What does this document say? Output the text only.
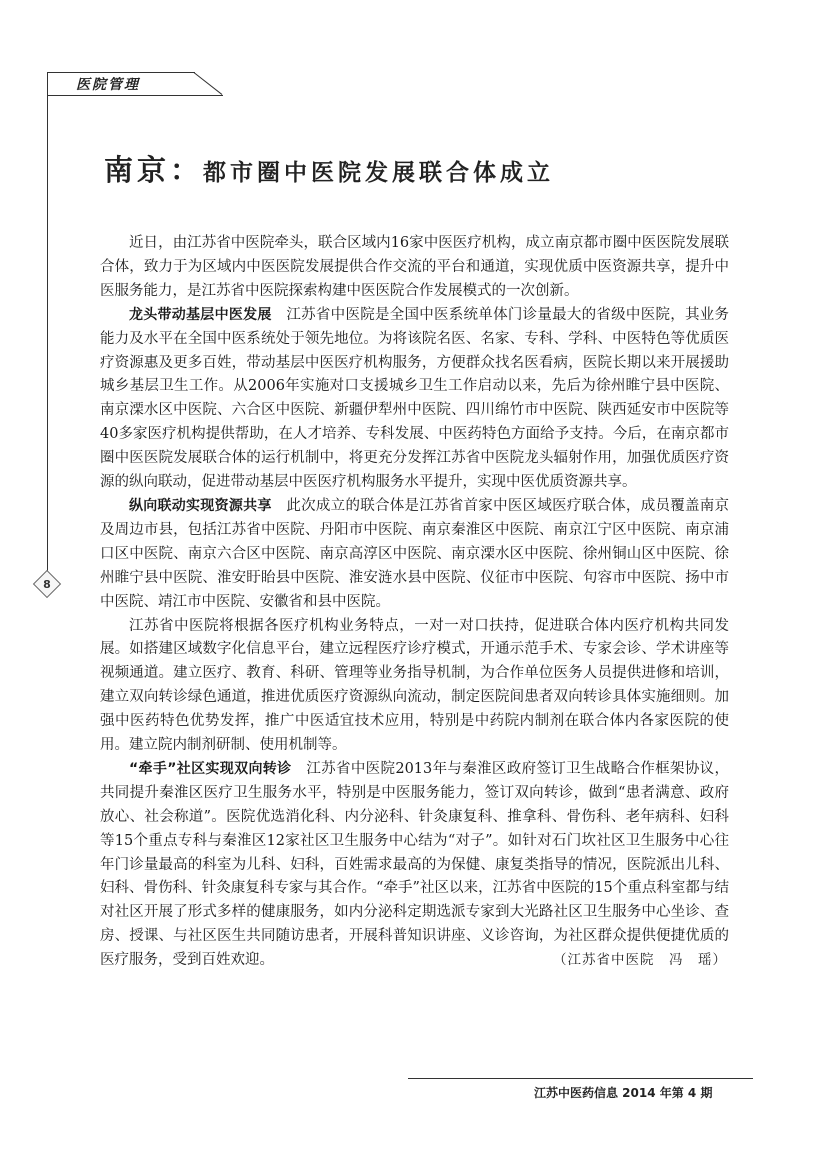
医院管理
南京：都市圈中医院发展联合体成立
8

近日，由江苏省中医院牵头，联合区域内16家中医医疗机构，成立南京都市圈中医医院发展联合体，致力于为区域内中医医院发展提供合作交流的平台和通道，实现优质中医资源共享，提升中医服务能力，是江苏省中医院探索构建中医医院合作发展模式的一次创新。

龙头带动基层中医发展　 江苏省中医院是全国中医系统单体门诊量最大的省级中医院，其业务能力及水平在全国中医系统处于领先地位。为将该院名医、名家、专科、学科、中医特色等优质医疗资源惠及更多百姓，带动基层中医医疗机构服务，方便群众找名医看病，医院长期以来开展援助城乡基层卫生工作。从2006年实施对口支援城乡卫生工作启动以来，先后为徐州睢宁县中医院、南京溧水区中医院、六合区中医院、新疆伊犁州中医院、四川绵竹市中医院、陕西延安市中医院等40多家医疗机构提供帮助，在人才培养、专科发展、中医药特色方面给予支持。今后，在南京都市圈中医医院发展联合体的运行机制中，将更充分发挥江苏省中医院龙头辐射作用，加强优质医疗资源的纵向联动，促进带动基层中医医疗机构服务水平提升，实现中医优质资源共享。

纵向联动实现资源共享　 此次成立的联合体是江苏省首家中医区域医疗联合体，成员覆盖南京及周边市县，包括江苏省中医院、丹阳市中医院、南京秦淮区中医院、南京江宁区中医院、南京浦口区中医院、南京六合区中医院、南京高淳区中医院、南京溧水区中医院、徐州铜山区中医院、徐州睢宁县中医院、淮安盱眙县中医院、淮安涟水县中医院、仪征市中医院、句容市中医院、扬中市中医院、靖江市中医院、安徽省和县中医院。

江苏省中医院将根据各医疗机构业务特点，一对一对口扶持，促进联合体内医疗机构共同发展。如搭建区域数字化信息平台，建立远程医疗诊疗模式，开通示范手术、专家会诊、学术讲座等视频通道。建立医疗、教育、科研、管理等业务指导机制，为合作单位医务人员提供进修和培训，建立双向转诊绿色通道，推进优质医疗资源纵向流动，制定医院间患者双向转诊具体实施细则。加强中医药特色优势发挥，推广中医适宜技术应用，特别是中药院内制剂在联合体内各家医院的使用。建立院内制剂研制、使用机制等。

“牵手”社区实现双向转诊　 江苏省中医院2013年与秦淮区政府签订卫生战略合作框架协议，共同提升秦淮区医疗卫生服务水平，特别是中医服务能力，签订双向转诊，做到“患者满意、政府放心、社会称道”。医院优选消化科、内分泌科、针灸康复科、推拿科、骨伤科、老年病科、妇科等15个重点专科与秦淮区12家社区卫生服务中心结为“对子”。如针对石门坎社区卫生服务中心往年门诊量最高的科室为儿科、妇科，百姓需求最高的为保健、康复类指导的情况，医院派出儿科、妇科、骨伤科、针灸康复科专家与其合作。“牵手”社区以来，江苏省中医院的15个重点科室都与结对社区开展了形式多样的健康服务，如内分泌科定期选派专家到大光路社区卫生服务中心坐诊、查房、授课、与社区医生共同随访患者，开展科普知识讲座、义诊咨询，为社区群众提供便捷优质的医疗服务，受到百姓欢迎。	（江苏省中医院　冯　瑶）
江苏中医药信息 2014 年第 4 期
